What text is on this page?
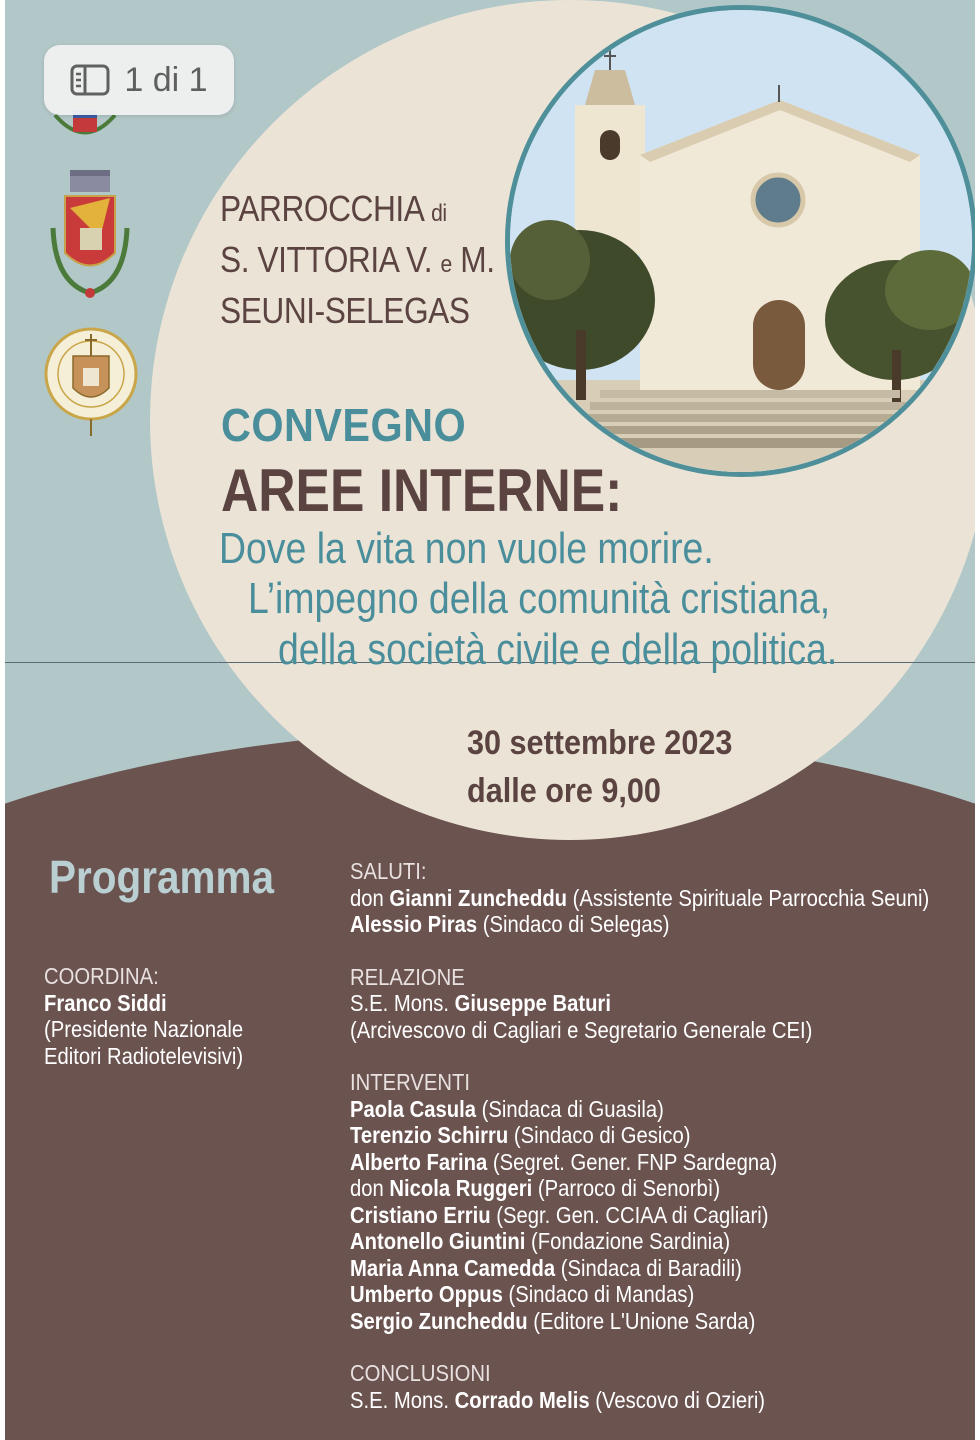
PARROCCHIA di
S. VITTORIA V. e M.
SEUNI-SELEGAS
CONVEGNO
AREE INTERNE:
Dove la vita non vuole morire.
L’impegno della comunità cristiana,
della società civile e della politica.
30 settembre 2023
dalle ore 9,00
Programma
COORDINA:
Franco Siddi
(Presidente Nazionale
Editori Radiotelevisivi)
SALUTI:
don Gianni Zuncheddu (Assistente Spirituale Parrocchia Seuni)
Alessio Piras (Sindaco di Selegas)
RELAZIONE
S.E. Mons. Giuseppe Baturi
(Arcivescovo di Cagliari e Segretario Generale CEI)
INTERVENTI
Paola Casula (Sindaca di Guasila)
Terenzio Schirru (Sindaco di Gesico)
Alberto Farina (Segret. Gener. FNP Sardegna)
don Nicola Ruggeri (Parroco di Senorbì)
Cristiano Erriu (Segr. Gen. CCIAA di Cagliari)
Antonello Giuntini (Fondazione Sardinia)
Maria Anna Camedda (Sindaca di Baradili)
Umberto Oppus (Sindaco di Mandas)
Sergio Zuncheddu (Editore L'Unione Sarda)
CONCLUSIONI
S.E. Mons. Corrado Melis (Vescovo di Ozieri)
1 di 1
